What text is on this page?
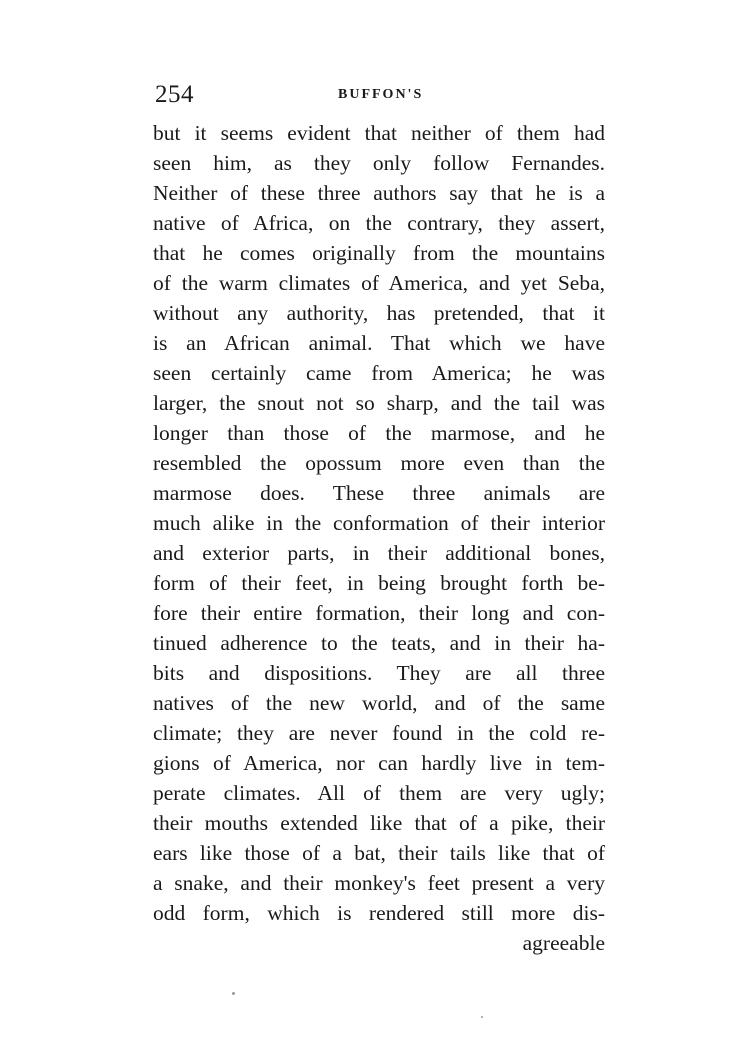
254	BUFFON'S
but it seems evident that neither of them had
seen him, as they only follow Fernandes.
Neither of these three authors say that he is a
native of Africa, on the contrary, they assert,
that he comes originally from the mountains
of the warm climates of America, and yet Seba,
without any authority, has pretended, that it
is an African animal. That which we have
seen certainly came from America; he was
larger, the snout not so sharp, and the tail was
longer than those of the marmose, and he
resembled the opossum more even than the
marmose does. These three animals are
much alike in the conformation of their interior
and exterior parts, in their additional bones,
form of their feet, in being brought forth be-
fore their entire formation, their long and con-
tinued adherence to the teats, and in their ha-
bits and dispositions. They are all three
natives of the new world, and of the same
climate; they are never found in the cold re-
gions of America, nor can hardly live in tem-
perate climates. All of them are very ugly;
their mouths extended like that of a pike, their
ears like those of a bat, their tails like that of
a snake, and their monkey's feet present a very
odd form, which is rendered still more dis-
agreeable
